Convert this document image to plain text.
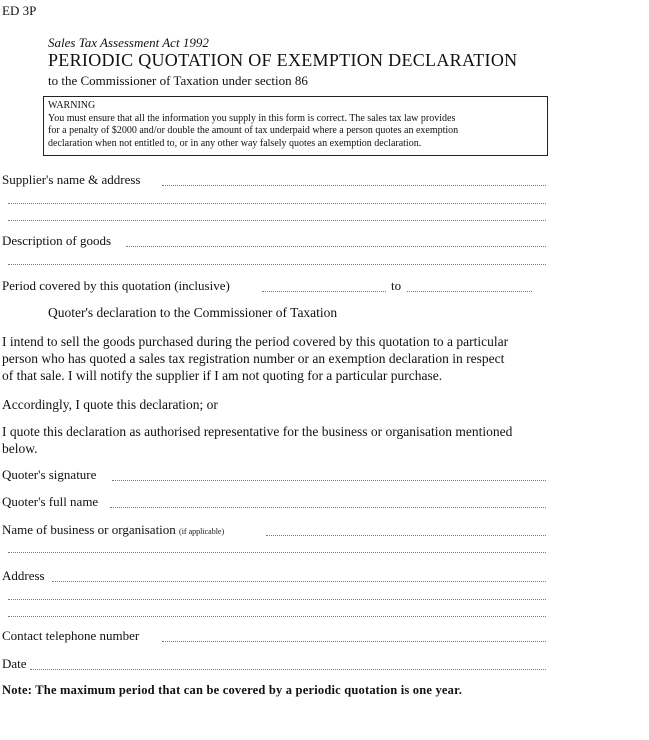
ED 3P
Sales Tax Assessment Act 1992
PERIODIC QUOTATION OF EXEMPTION DECLARATION
to the Commissioner of Taxation under section 86
WARNING
You must ensure that all the information you supply in this form is correct. The sales tax law provides
for a penalty of $2000 and/or double the amount of tax underpaid where a person quotes an exemption
declaration when not entitled to, or in any other way falsely quotes an exemption declaration.
Supplier's name & address
Description of goods
Period covered by this quotation (inclusive)	to
Quoter's declaration to the Commissioner of Taxation
I intend to sell the goods purchased during the period covered by this quotation to a particular
person who has quoted a sales tax registration number or an exemption declaration in respect
of that sale. I will notify the supplier if I am not quoting for a particular purchase.
Accordingly, I quote this declaration; or
I quote this declaration as authorised representative for the business or organisation mentioned
below.
Quoter's signature
Quoter's full name
Name of business or organisation (if applicable)
Address
Contact telephone number
Date
Note: The maximum period that can be covered by a periodic quotation is one year.
